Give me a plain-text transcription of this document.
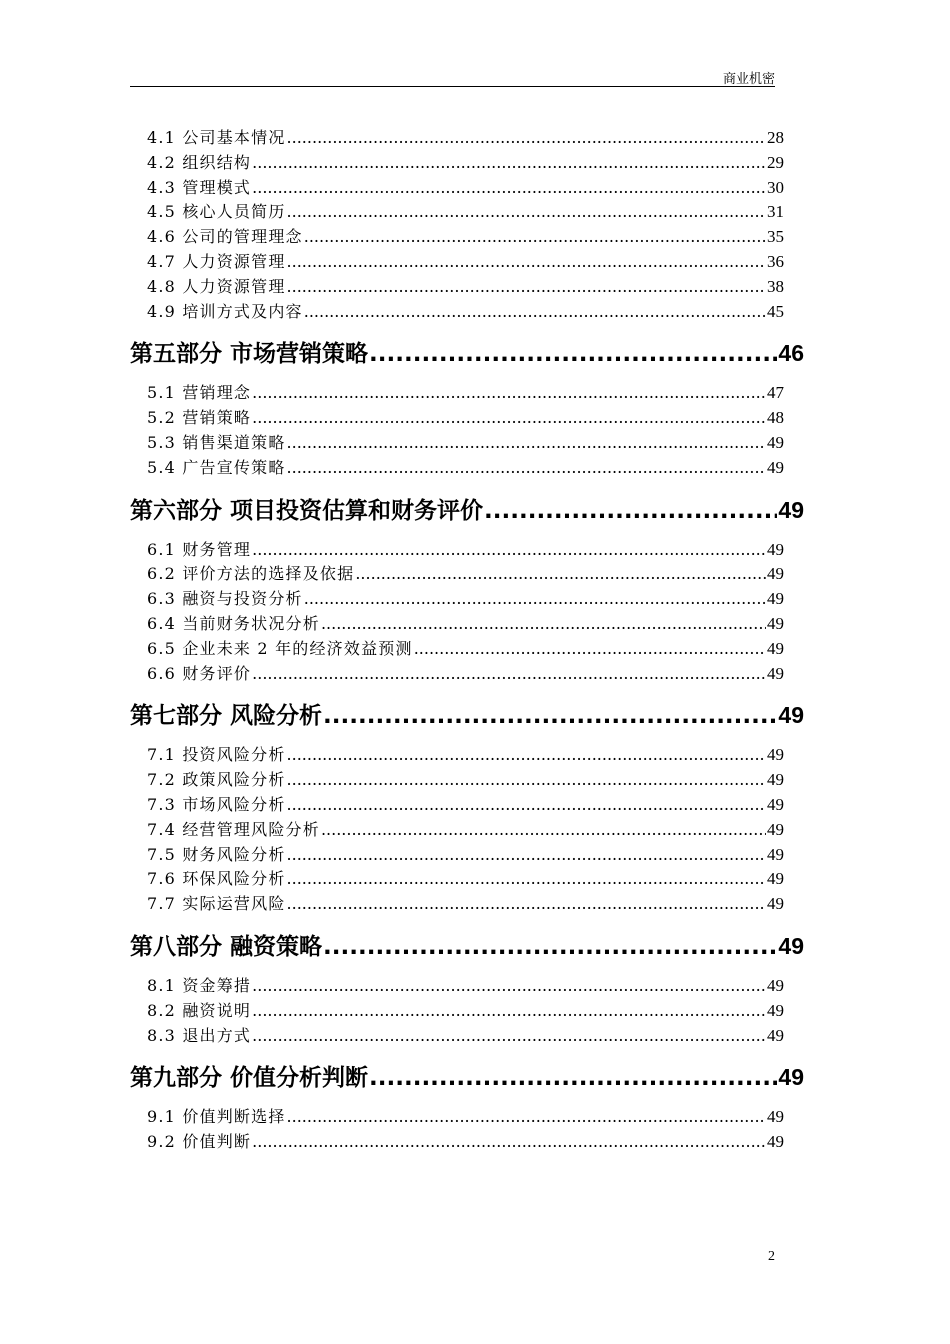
商业机密
4.1 公司基本情况 .....	28
4.2 组织结构 .....	29
4.3 管理模式 .....	30
4.5 核心人员简历 .....	31
4.6 公司的管理理念 .....	35
4.7 人力资源管理 .....	36
4.8 人力资源管理 .....	38
4.9 培训方式及内容 .....	45
第五部分 市场营销策略 .....	46
5.1 营销理念 .....	47
5.2 营销策略 .....	48
5.3 销售渠道策略 .....	49
5.4 广告宣传策略 .....	49
第六部分 项目投资估算和财务评价 .....	49
6.1 财务管理 .....	49
6.2 评价方法的选择及依据 .....	49
6.3 融资与投资分析 .....	49
6.4 当前财务状况分析 .....	49
6.5 企业未来 2 年的经济效益预测 .....	49
6.6 财务评价 .....	49
第七部分 风险分析 .....	49
7.1 投资风险分析 .....	49
7.2 政策风险分析 .....	49
7.3 市场风险分析 .....	49
7.4 经营管理风险分析 .....	49
7.5 财务风险分析 .....	49
7.6 环保风险分析 .....	49
7.7 实际运营风险 .....	49
第八部分 融资策略 .....	49
8.1 资金筹措 .....	49
8.2 融资说明 .....	49
8.3 退出方式 .....	49
第九部分 价值分析判断 .....	49
9.1 价值判断选择 .....	49
9.2 价值判断 .....	49
2
